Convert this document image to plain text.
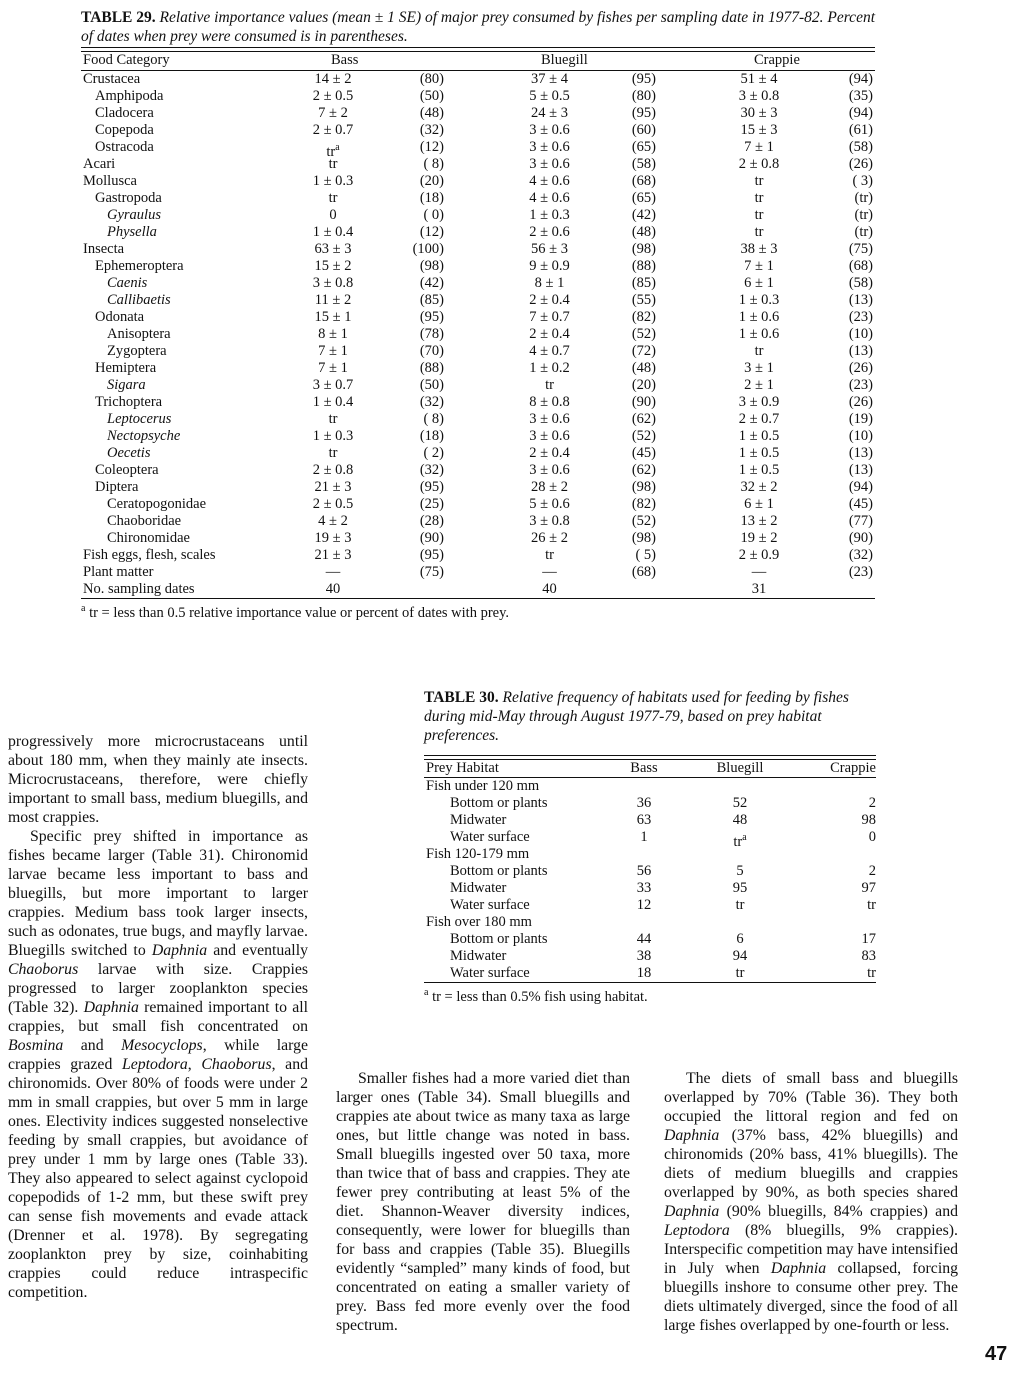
TABLE 29. Relative importance values (mean ± 1 SE) of major prey consumed by fishes per sampling date in 1977-82. Percent of dates when prey were consumed is in parentheses.
Food Category	Bass	Bluegill	Crappie
Crustacea	14 ± 2	(80)	37 ± 4	(95)	51 ± 4	(94)
Amphipoda	2 ± 0.5	(50)	5 ± 0.5	(80)	3 ± 0.8	(35)
Cladocera	7 ± 2	(48)	24 ± 3	(95)	30 ± 3	(94)
Copepoda	2 ± 0.7	(32)	3 ± 0.6	(60)	15 ± 3	(61)
Ostracoda	$tr^a$	(12)	3 ± 0.6	(65)	7 ± 1	(58)
Acari	tr	( 8)	3 ± 0.6	(58)	2 ± 0.8	(26)
Mollusca	1 ± 0.3	(20)	4 ± 0.6	(68)	tr	( 3)
Gastropoda	tr	(18)	4 ± 0.6	(65)	tr	(tr)
Gyraulus	0	( 0)	1 ± 0.3	(42)	tr	(tr)
Physella	1 ± 0.4	(12)	2 ± 0.6	(48)	tr	(tr)
Insecta	63 ± 3	(100)	56 ± 3	(98)	38 ± 3	(75)
Ephemeroptera	15 ± 2	(98)	9 ± 0.9	(88)	7 ± 1	(68)
Caenis	3 ± 0.8	(42)	8 ± 1	(85)	6 ± 1	(58)
Callibaetis	11 ± 2	(85)	2 ± 0.4	(55)	1 ± 0.3	(13)
Odonata	15 ± 1	(95)	7 ± 0.7	(82)	1 ± 0.6	(23)
Anisoptera	8 ± 1	(78)	2 ± 0.4	(52)	1 ± 0.6	(10)
Zygoptera	7 ± 1	(70)	4 ± 0.7	(72)	tr	(13)
Hemiptera	7 ± 1	(88)	1 ± 0.2	(48)	3 ± 1	(26)
Sigara	3 ± 0.7	(50)	tr	(20)	2 ± 1	(23)
Trichoptera	1 ± 0.4	(32)	8 ± 0.8	(90)	3 ± 0.9	(26)
Leptocerus	tr	( 8)	3 ± 0.6	(62)	2 ± 0.7	(19)
Nectopsyche	1 ± 0.3	(18)	3 ± 0.6	(52)	1 ± 0.5	(10)
Oecetis	tr	( 2)	2 ± 0.4	(45)	1 ± 0.5	(13)
Coleoptera	2 ± 0.8	(32)	3 ± 0.6	(62)	1 ± 0.5	(13)
Diptera	21 ± 3	(95)	28 ± 2	(98)	32 ± 2	(94)
Ceratopogonidae	2 ± 0.5	(25)	5 ± 0.6	(82)	6 ± 1	(45)
Chaoboridae	4 ± 2	(28)	3 ± 0.8	(52)	13 ± 2	(77)
Chironomidae	19 ± 3	(90)	26 ± 2	(98)	19 ± 2	(90)
Fish eggs, flesh, scales	21 ± 3	(95)	tr	( 5)	2 ± 0.9	(32)
Plant matter	—	(75)	—	(68)	—	(23)
No. sampling dates	40	40	31
$^a$ tr = less than 0.5 relative importance value or percent of dates with prey.
TABLE 30. Relative frequency of habitats used for feeding by fishes during mid-May through August 1977-79, based on prey habitat preferences.
Prey Habitat	Bass	Bluegill	Crappie
Fish under 120 mm
Bottom or plants	36	52	2
Midwater	63	48	98
Water surface	1	$tr^a$	0
Fish 120-179 mm
Bottom or plants	56	5	2
Midwater	33	95	97
Water surface	12	tr	tr
Fish over 180 mm
Bottom or plants	44	6	17
Midwater	38	94	83
Water surface	18	tr	tr
$^a$ tr = less than 0.5% fish using habitat.

progressively more microcrustaceans until about 180 mm, when they mainly ate insects. Microcrustaceans, therefore, were chiefly important to small bass, medium bluegills, and most crappies.

Specific prey shifted in importance as fishes became larger (Table 31). Chironomid larvae became less important to bass and bluegills, but more important to larger crappies. Medium bass took larger insects, such as odonates, true bugs, and mayfly larvae. Bluegills switched to Daphnia and eventually Chaoborus larvae with size. Crappies progressed to larger zooplankton species (Table 32). Daphnia remained important to all crappies, but small fish concentrated on Bosmina and Mesocyclops, while large crappies grazed Leptodora, Chaoborus, and chironomids. Over 80% of foods were under 2 mm in small crappies, but over 5 mm in large ones. Electivity indices suggested nonselective feeding by small crappies, but avoidance of prey under 1 mm by large ones (Table 33). They also appeared to select against cyclopoid copepodids of 1-2 mm, but these swift prey can sense fish movements and evade attack (Drenner et al. 1978). By segregating zooplankton prey by size, coinhabiting crappies could reduce intraspecific competition.

Smaller fishes had a more varied diet than larger ones (Table 34). Small bluegills and crappies ate about twice as many taxa as large ones, but little change was noted in bass. Small bluegills ingested over 50 taxa, more than twice that of bass and crappies. They ate fewer prey contributing at least 5% of the diet. Shannon-Weaver diversity indices, consequently, were lower for bluegills than for bass and crappies (Table 35). Bluegills evidently “sampled” many kinds of food, but concentrated on eating a smaller variety of prey. Bass fed more evenly over the food spectrum.

The diets of small bass and bluegills overlapped by 70% (Table 36). They both occupied the littoral region and fed on Daphnia (37% bass, 42% bluegills) and chironomids (20% bass, 41% bluegills). The diets of medium bluegills and crappies overlapped by 90%, as both species shared Daphnia (90% bluegills, 84% crappies) and Leptodora (8% bluegills, 9% crappies). Interspecific competition may have intensified in July when Daphnia collapsed, forcing bluegills inshore to consume other prey. The diets ultimately diverged, since the food of all large fishes overlapped by one-fourth or less.

47
